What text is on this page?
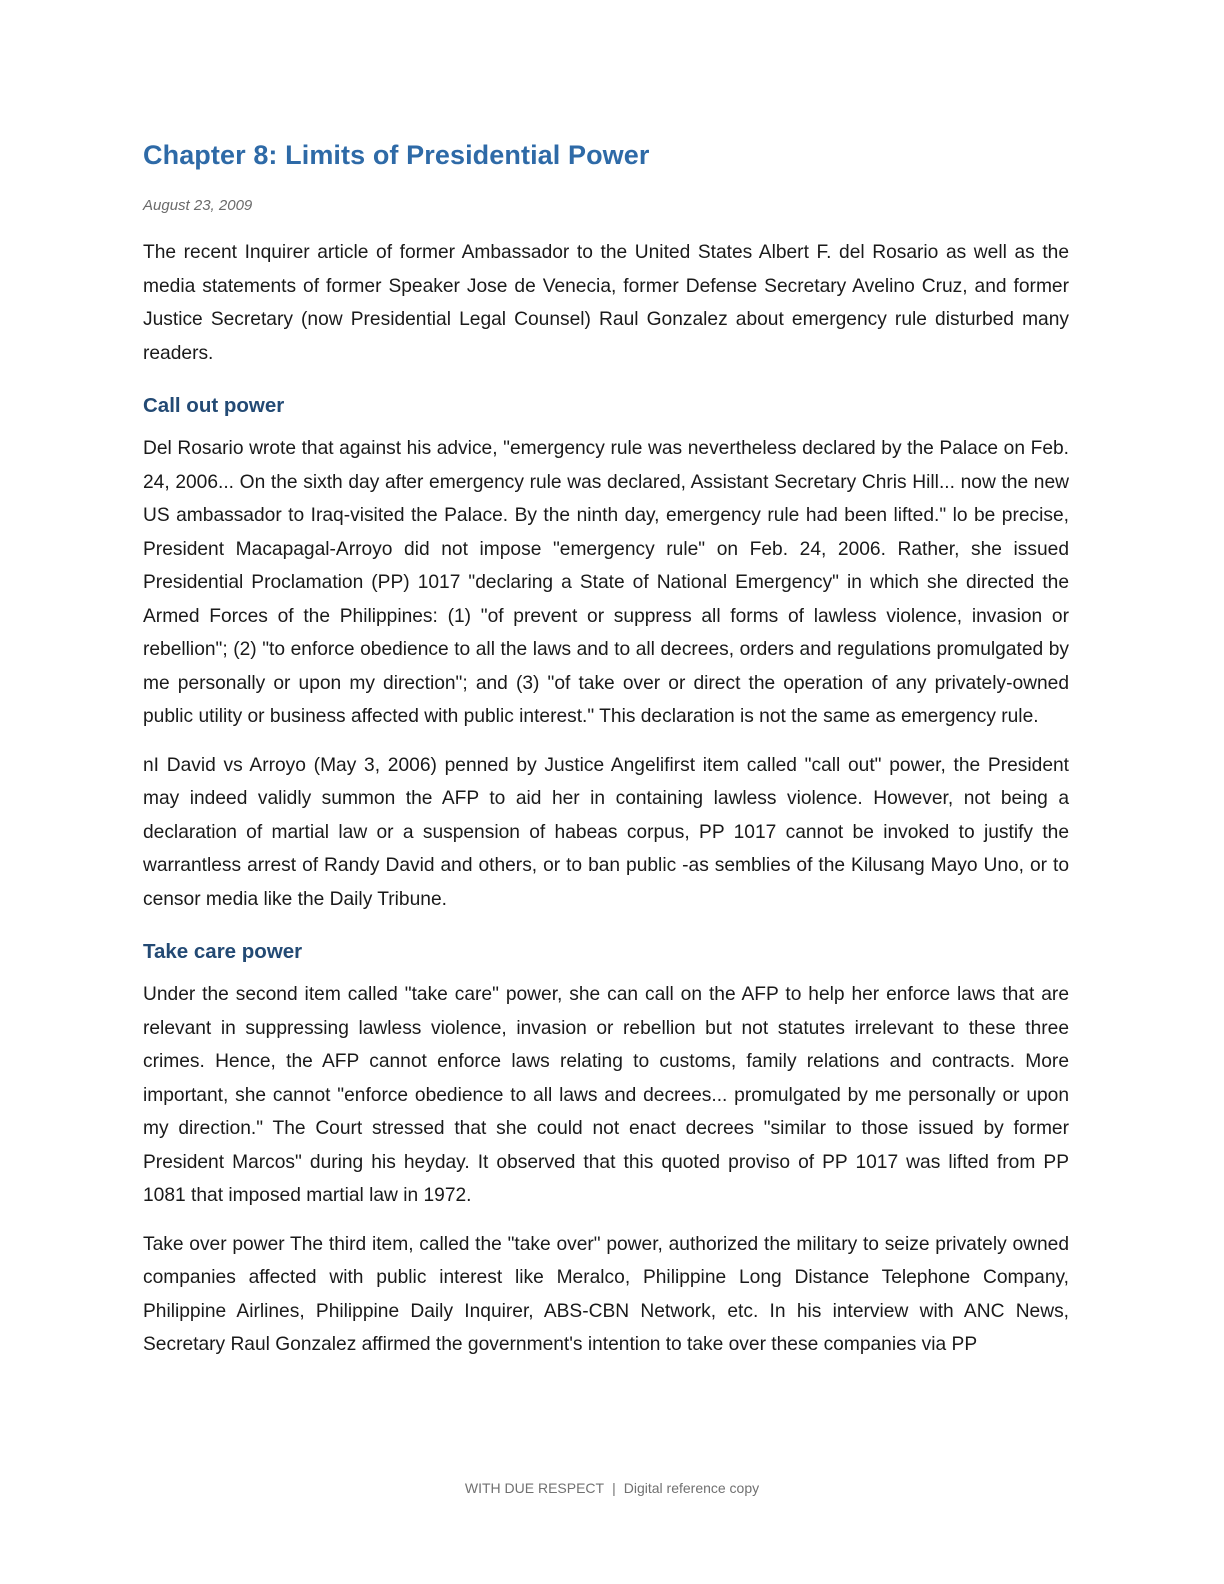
Chapter 8: Limits of Presidential Power
August 23, 2009

The recent Inquirer article of former Ambassador to the United States Albert F. del Rosario as well as the media statements of former Speaker Jose de Venecia, former Defense Secretary Avelino Cruz, and former Justice Secretary (now Presidential Legal Counsel) Raul Gonzalez about emergency rule disturbed many readers.

Call out power

Del Rosario wrote that against his advice, "emergency rule was nevertheless declared by the Palace on Feb. 24, 2006... On the sixth day after emergency rule was declared, Assistant Secretary Chris Hill... now the new US ambassador to Iraq-visited the Palace. By the ninth day, emergency rule had been lifted." lo be precise, President Macapagal-Arroyo did not impose "emergency rule" on Feb. 24, 2006. Rather, she issued Presidential Proclamation (PP) 1017 "declaring a State of National Emergency" in which she directed the Armed Forces of the Philippines: (1) "of prevent or suppress all forms of lawless violence, invasion or rebellion"; (2) "to enforce obedience to all the laws and to all decrees, orders and regulations promulgated by me personally or upon my direction"; and (3) "of take over or direct the operation of any privately-owned public utility or business affected with public interest." This declaration is not the same as emergency rule.

nI David vs Arroyo (May 3, 2006) penned by Justice Angelifirst item called "call out" power, the President may indeed validly summon the AFP to aid her in containing lawless violence. However, not being a declaration of martial law or a suspension of habeas corpus, PP 1017 cannot be invoked to justify the warrantless arrest of Randy David and others, or to ban public -as semblies of the Kilusang Mayo Uno, or to censor media like the Daily Tribune.

Take care power

Under the second item called "take care" power, she can call on the AFP to help her enforce laws that are relevant in suppressing lawless violence, invasion or rebellion but not statutes irrelevant to these three crimes. Hence, the AFP cannot enforce laws relating to customs, family relations and contracts. More important, she cannot "enforce obedience to all laws and decrees... promulgated by me personally or upon my direction." The Court stressed that she could not enact decrees "similar to those issued by former President Marcos" during his heyday. It observed that this quoted proviso of PP 1017 was lifted from PP 1081 that imposed martial law in 1972.

Take over power The third item, called the "take over" power, authorized the military to seize privately owned companies affected with public interest like Meralco, Philippine Long Distance Telephone Company, Philippine Airlines, Philippine Daily Inquirer, ABS-CBN Network, etc. In his interview with ANC News, Secretary Raul Gonzalez affirmed the government's intention to take over these companies via PP

WITH DUE RESPECT | Digital reference copy
